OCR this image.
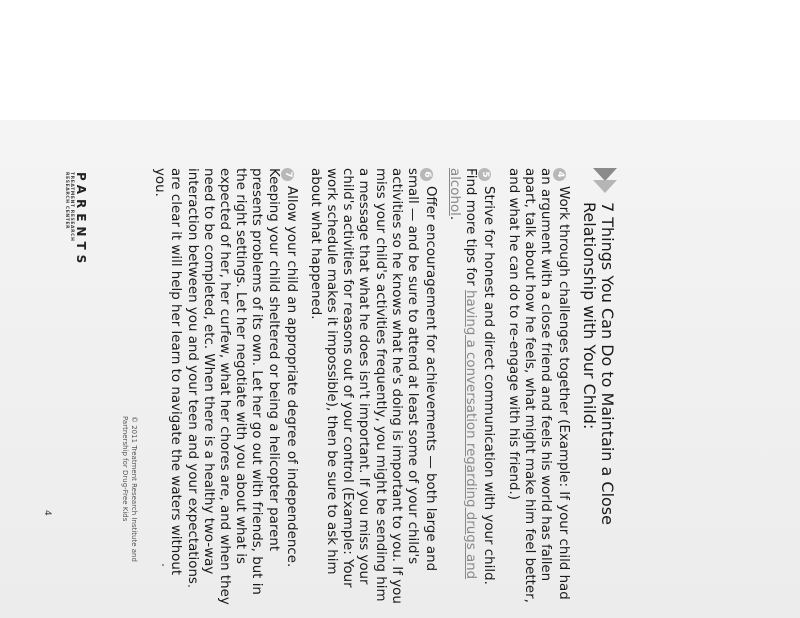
7 Things You Can Do to Maintain a Close Relationship with Your Child:

4Work through challenges together (Example: If your child had an argument with a close friend and feels his world has fallen apart, talk about how he feels, what might make him feel better, and what he can do to re-engage with his friend.)

5Strive for honest and direct communication with your child. Find more tips for having a conversation regarding drugs and alcohol.

6Offer encouragement for achievements — both large and small — and be sure to attend at least some of your child's activities so he knows what he's doing is important to you. If you miss your child's activities frequently, you might be sending him a message that what he does isn't important. If you miss your child's activities for reasons out of your control (Example: Your work schedule makes it impossible), then be sure to ask him about what happened.

7Allow your child an appropriate degree of independence. Keeping your child sheltered or being a helicopter parent presents problems of its own. Let her go out with friends, but in the right settings. Let her negotiate with you about what is expected of her, her curfew, what her chores are, and when they need to be completed, etc. When there is a healthy two-way interaction between you and your teen and your expectations are clear it will help her learn to navigate the waters without you.

PARENTS
TREATMENT RESEARCH
RESEARCH CENTER
© 2011 Treatment Research Institute and
Partnership for Drug-Free Kids
4
